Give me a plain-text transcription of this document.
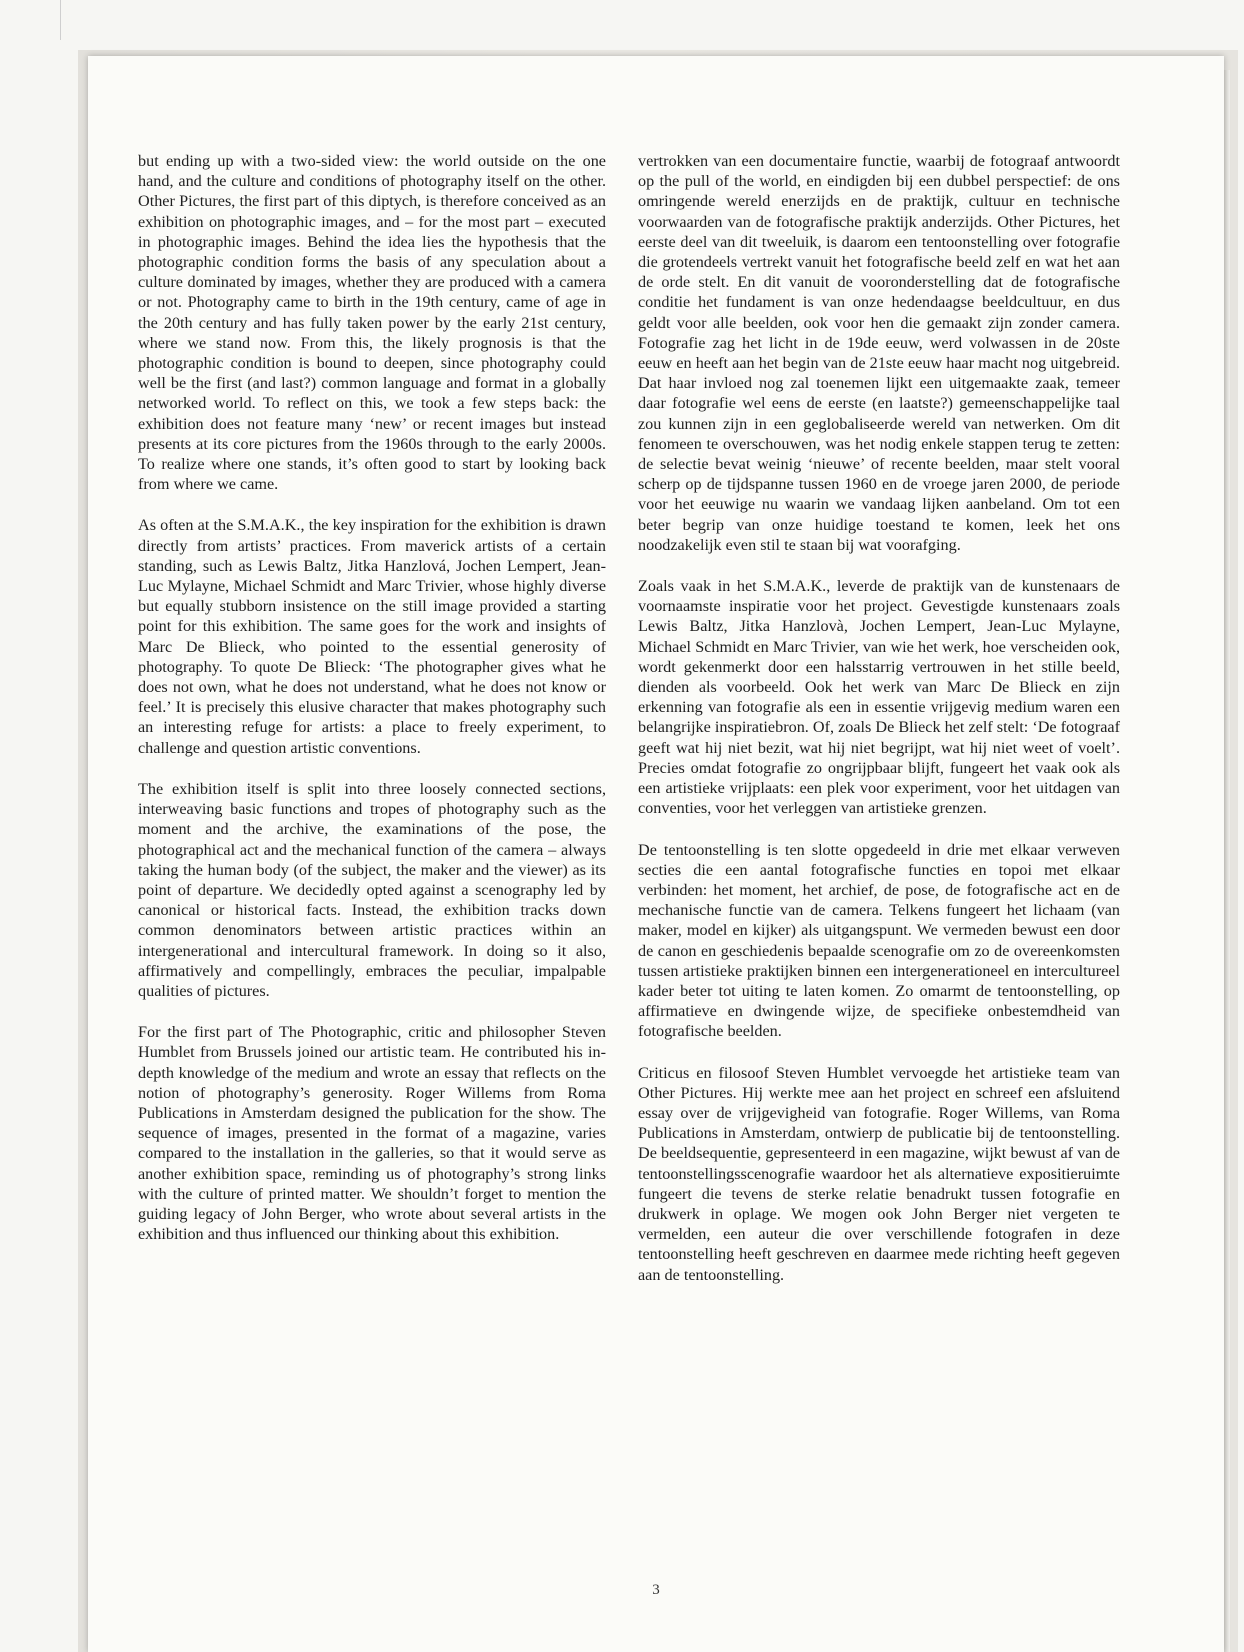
but ending up with a two-sided view: the world outside on the one hand, and the culture and conditions of photography itself on the other. Other Pictures, the first part of this diptych, is therefore conceived as an exhibition on photographic images, and – for the most part – executed in photographic images. Behind the idea lies the hypothesis that the photographic condition forms the basis of any speculation about a culture dominated by images, whether they are produced with a camera or not. Photography came to birth in the 19th century, came of age in the 20th century and has fully taken power by the early 21st century, where we stand now. From this, the likely prognosis is that the photographic condition is bound to deepen, since photography could well be the first (and last?) common language and format in a globally networked world. To reflect on this, we took a few steps back: the exhibition does not feature many ‘new’ or recent images but instead presents at its core pictures from the 1960s through to the early 2000s. To realize where one stands, it’s often good to start by looking back from where we came.

As often at the S.M.A.K., the key inspiration for the exhibition is drawn directly from artists’ practices. From maverick artists of a certain standing, such as Lewis Baltz, Jitka Hanzlová, Jochen Lempert, Jean-Luc Mylayne, Michael Schmidt and Marc Trivier, whose highly diverse but equally stubborn insistence on the still image provided a starting point for this exhibition. The same goes for the work and insights of Marc De Blieck, who pointed to the essential generosity of photography. To quote De Blieck: ‘The photographer gives what he does not own, what he does not understand, what he does not know or feel.’ It is precisely this elusive character that makes photography such an interesting refuge for artists: a place to freely experiment, to challenge and question artistic conventions.

The exhibition itself is split into three loosely connected sections, interweaving basic functions and tropes of photography such as the moment and the archive, the examinations of the pose, the photographical act and the mechanical function of the camera – always taking the human body (of the subject, the maker and the viewer) as its point of departure. We decidedly opted against a scenography led by canonical or historical facts. Instead, the exhibition tracks down common denominators between artistic practices within an intergenerational and intercultural framework. In doing so it also, affirmatively and compellingly, embraces the peculiar, impalpable qualities of pictures.

For the first part of The Photographic, critic and philosopher Steven Humblet from Brussels joined our artistic team. He contributed his in-depth knowledge of the medium and wrote an essay that reflects on the notion of photography’s generosity. Roger Willems from Roma Publications in Amsterdam designed the publication for the show. The sequence of images, presented in the format of a magazine, varies compared to the installation in the galleries, so that it would serve as another exhibition space, reminding us of photography’s strong links with the culture of printed matter. We shouldn’t forget to mention the guiding legacy of John Berger, who wrote about several artists in the exhibition and thus influenced our thinking about this exhibition.

vertrokken van een documentaire functie, waarbij de fotograaf antwoordt op the pull of the world, en eindigden bij een dubbel perspectief: de ons omringende wereld enerzijds en de praktijk, cultuur en technische voorwaarden van de fotografische praktijk anderzijds. Other Pictures, het eerste deel van dit tweeluik, is daarom een tentoonstelling over fotografie die grotendeels vertrekt vanuit het fotografische beeld zelf en wat het aan de orde stelt. En dit vanuit de vooronderstelling dat de fotografische conditie het fundament is van onze hedendaagse beeldcultuur, en dus geldt voor alle beelden, ook voor hen die gemaakt zijn zonder camera. Fotografie zag het licht in de 19de eeuw, werd volwassen in de 20ste eeuw en heeft aan het begin van de 21ste eeuw haar macht nog uitgebreid. Dat haar invloed nog zal toenemen lijkt een uitgemaakte zaak, temeer daar fotografie wel eens de eerste (en laatste?) gemeenschappelijke taal zou kunnen zijn in een geglobaliseerde wereld van netwerken. Om dit fenomeen te overschouwen, was het nodig enkele stappen terug te zetten: de selectie bevat weinig ‘nieuwe’ of recente beelden, maar stelt vooral scherp op de tijdspanne tussen 1960 en de vroege jaren 2000, de periode voor het eeuwige nu waarin we vandaag lijken aanbeland. Om tot een beter begrip van onze huidige toestand te komen, leek het ons noodzakelijk even stil te staan bij wat voorafging.

Zoals vaak in het S.M.A.K., leverde de praktijk van de kunstenaars de voornaamste inspiratie voor het project. Gevestigde kunstenaars zoals Lewis Baltz, Jitka Hanzlovà, Jochen Lempert, Jean-Luc Mylayne, Michael Schmidt en Marc Trivier, van wie het werk, hoe verscheiden ook, wordt gekenmerkt door een halsstarrig vertrouwen in het stille beeld, dienden als voorbeeld. Ook het werk van Marc De Blieck en zijn erkenning van fotografie als een in essentie vrijgevig medium waren een belangrijke inspiratiebron. Of, zoals De Blieck het zelf stelt: ‘De fotograaf geeft wat hij niet bezit, wat hij niet begrijpt, wat hij niet weet of voelt’. Precies omdat fotografie zo ongrijpbaar blijft, fungeert het vaak ook als een artistieke vrijplaats: een plek voor experiment, voor het uitdagen van conventies, voor het verleggen van artistieke grenzen.

De tentoonstelling is ten slotte opgedeeld in drie met elkaar verweven secties die een aantal fotografische functies en topoi met elkaar verbinden: het moment, het archief, de pose, de fotografische act en de mechanische functie van de camera. Telkens fungeert het lichaam (van maker, model en kijker) als uitgangspunt. We vermeden bewust een door de canon en geschiedenis bepaalde scenografie om zo de overeenkomsten tussen artistieke praktijken binnen een intergenerationeel en intercultureel kader beter tot uiting te laten komen. Zo omarmt de tentoonstelling, op affirmatieve en dwingende wijze, de specifieke onbestemdheid van fotografische beelden.

Criticus en filosoof Steven Humblet vervoegde het artistieke team van Other Pictures. Hij werkte mee aan het project en schreef een afsluitend essay over de vrijgevigheid van fotografie. Roger Willems, van Roma Publications in Amsterdam, ontwierp de publicatie bij de tentoonstelling. De beeldsequentie, gepresenteerd in een magazine, wijkt bewust af van de tentoonstellingsscenografie waardoor het als alternatieve expositieruimte fungeert die tevens de sterke relatie benadrukt tussen fotografie en drukwerk in oplage. We mogen ook John Berger niet vergeten te vermelden, een auteur die over verschillende fotografen in deze tentoonstelling heeft geschreven en daarmee mede richting heeft gegeven aan de tentoonstelling.

3
